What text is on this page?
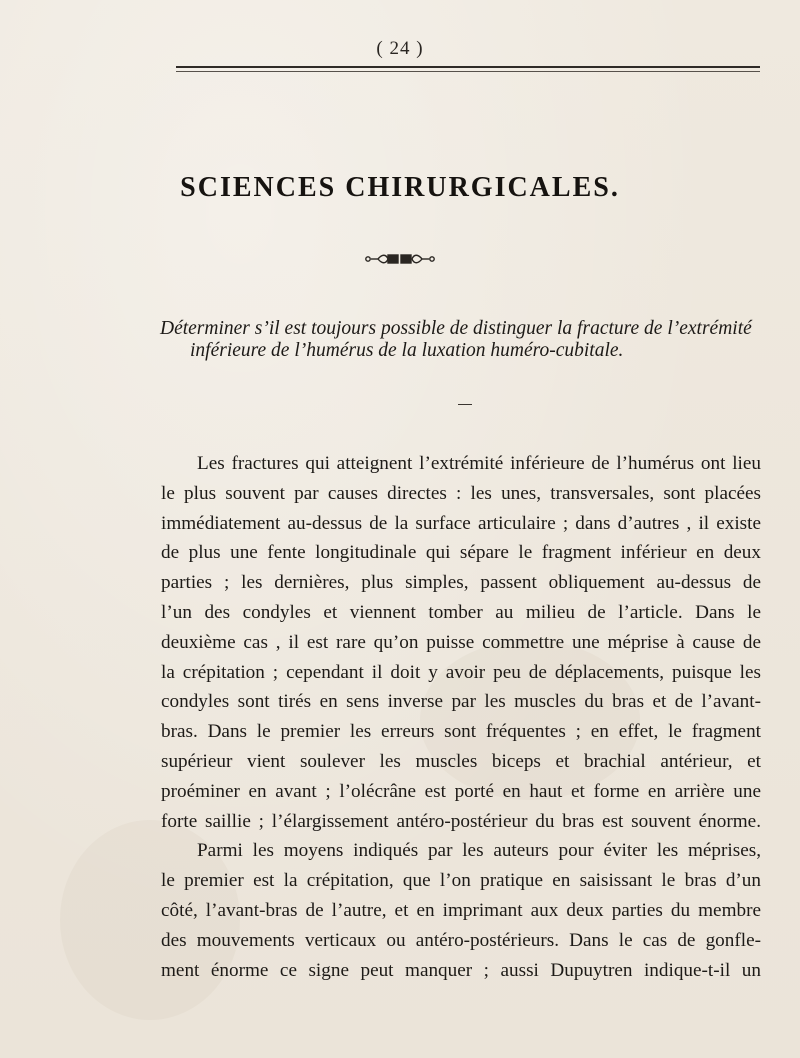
( 24 )
SCIENCES CHIRURGICALES.
Déterminer s’il est toujours possible de distinguer la fracture de l’extrémité
inférieure de l’humérus de la luxation huméro-cubitale.
Les fractures qui atteignent l’extrémité inférieure de l’humérus ont lieu
le plus souvent par causes directes : les unes, transversales, sont placées
immédiatement au-dessus de la surface articulaire ; dans d’autres , il existe
de plus une fente longitudinale qui sépare le fragment inférieur en deux
parties ; les dernières, plus simples, passent obliquement au-dessus de
l’un des condyles et viennent tomber au milieu de l’article. Dans le
deuxième cas , il est rare qu’on puisse commettre une méprise à cause de
la crépitation ; cependant il doit y avoir peu de déplacements, puisque les
condyles sont tirés en sens inverse par les muscles du bras et de l’avant-
bras. Dans le premier les erreurs sont fréquentes ; en effet, le fragment
supérieur vient soulever les muscles biceps et brachial antérieur, et
proéminer en avant ; l’olécrâne est porté en haut et forme en arrière une
forte saillie ; l’élargissement antéro-postérieur du bras est souvent énorme.
Parmi les moyens indiqués par les auteurs pour éviter les méprises,
le premier est la crépitation, que l’on pratique en saisissant le bras d’un
côté, l’avant-bras de l’autre, et en imprimant aux deux parties du membre
des mouvements verticaux ou antéro-postérieurs. Dans le cas de gonfle-
ment énorme ce signe peut manquer ; aussi Dupuytren indique-t-il un
